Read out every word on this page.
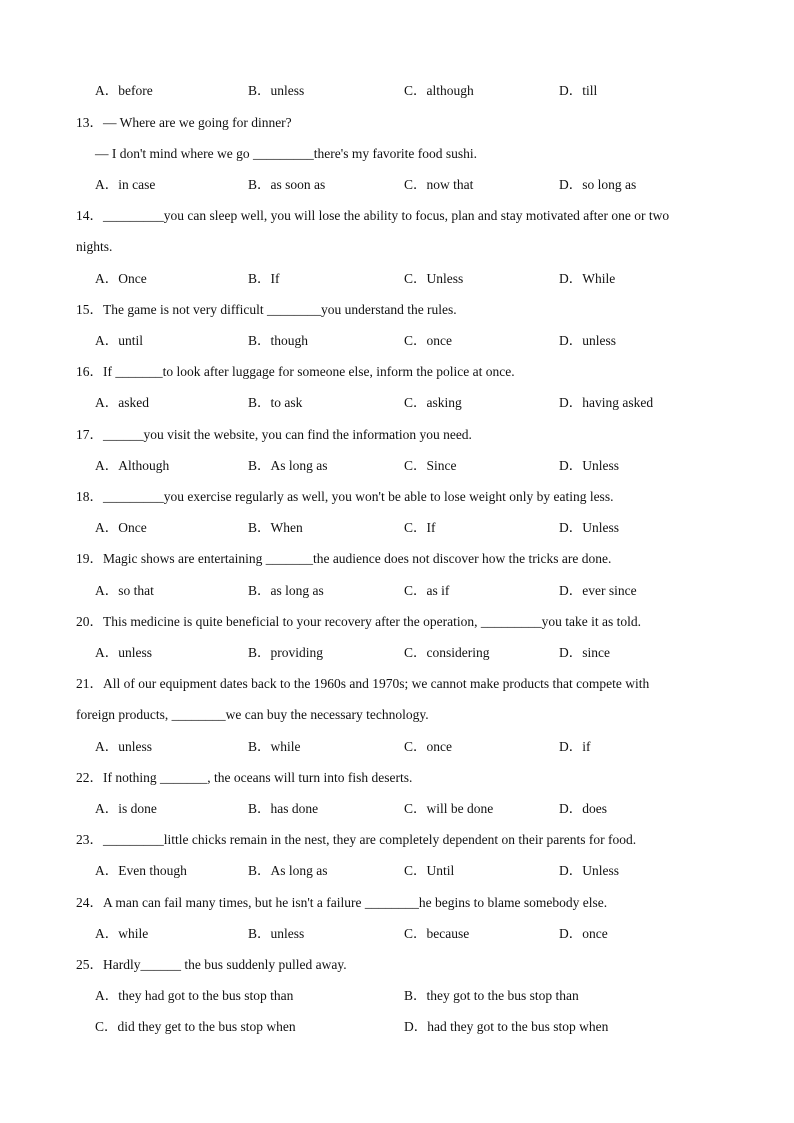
A．before	B．unless	C．although	D．till
13．— Where are we going for dinner?
— I don't mind where we go _________there's my favorite food sushi.
A．in case	B．as soon as	C．now that	D．so long as
14．_________you can sleep well, you will lose the ability to focus, plan and stay motivated after one or two
nights.
A．Once	B．If	C．Unless	D．While
15．The game is not very difficult ________you understand the rules.
A．until	B．though	C．once	D．unless
16．If _______to look after luggage for someone else, inform the police at once.
A．asked	B．to ask	C．asking	D．having asked
17．______you visit the website, you can find the information you need.
A．Although	B．As long as	C．Since	D．Unless
18．_________you exercise regularly as well, you won't be able to lose weight only by eating less.
A．Once	B．When	C．If	D．Unless
19．Magic shows are entertaining _______the audience does not discover how the tricks are done.
A．so that	B．as long as	C．as if	D．ever since
20．This medicine is quite beneficial to your recovery after the operation, _________you take it as told.
A．unless	B．providing	C．considering	D．since
21．All of our equipment dates back to the 1960s and 1970s; we cannot make products that compete with
foreign products, ________we can buy the necessary technology.
A．unless	B．while	C．once	D．if
22．If nothing _______, the oceans will turn into fish deserts.
A．is done	B．has done	C．will be done	D．does
23．_________little chicks remain in the nest, they are completely dependent on their parents for food.
A．Even though	B．As long as	C．Until	D．Unless
24．A man can fail many times, but he isn't a failure ________he begins to blame somebody else.
A．while	B．unless	C．because	D．once
25．Hardly______ the bus suddenly pulled away.
A．they had got to the bus stop than	B．they got to the bus stop than
C．did they get to the bus stop when	D．had they got to the bus stop when
